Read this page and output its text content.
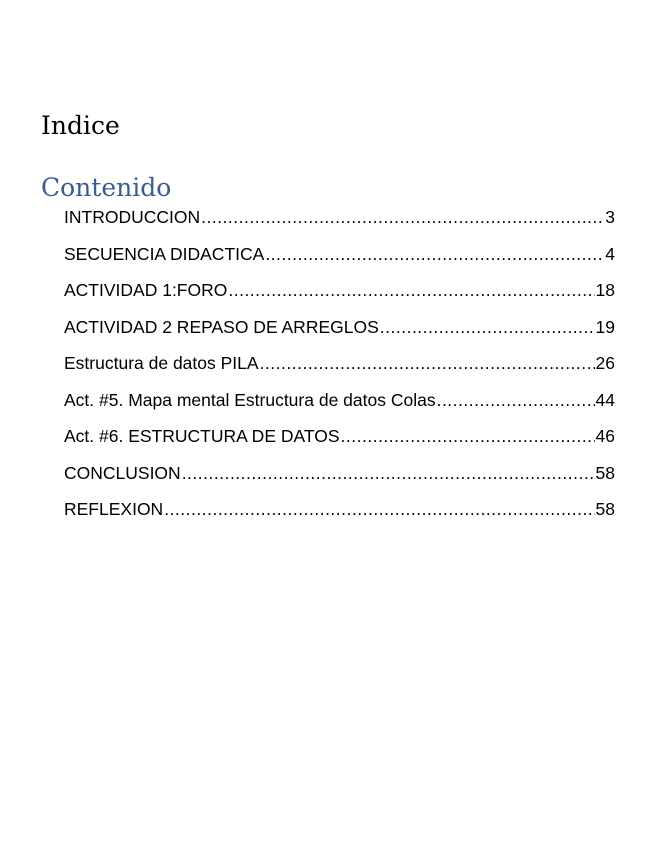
Indice
Contenido
INTRODUCCION .....	3
SECUENCIA DIDACTICA .....	4
ACTIVIDAD 1:FORO .....	18
ACTIVIDAD 2 REPASO DE ARREGLOS .....	19
Estructura de datos PILA .....	26
Act. #5. Mapa mental Estructura de datos Colas .....	44
Act. #6. ESTRUCTURA DE DATOS .....	46
CONCLUSION .....	58
REFLEXION .....	58
